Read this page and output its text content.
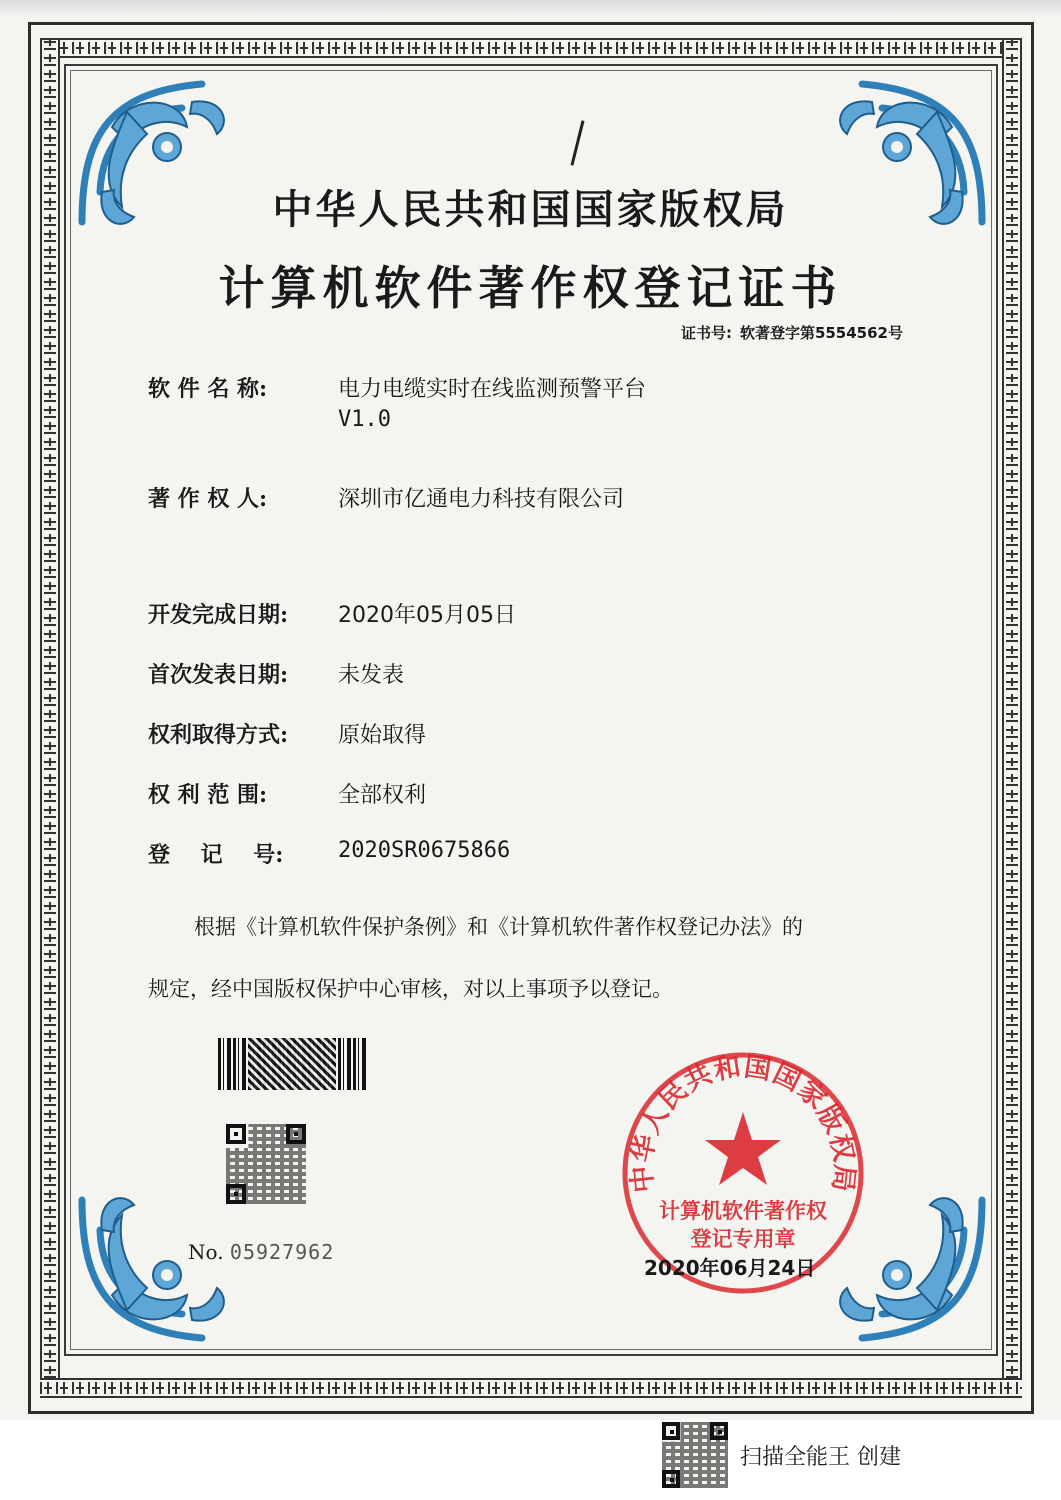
中华人民共和国国家版权局
计算机软件著作权登记证书
证书号: 软著登字第5554562号
软 件 名 称:	电力电缆实时在线监测预警平台
V1.0
著 作 权 人:	深圳市亿通电力科技有限公司
开发完成日期:	2020年05月05日
首次发表日期:	未发表
权利取得方式:	原始取得
权 利 范 围:	全部权利
登    记    号:	2020SR0675866
根据《计算机软件保护条例》和《计算机软件著作权登记办法》的
规定，经中国版权保护中心审核，对以上事项予以登记。
No. 05927962
中华人民共和国国家版权局
计算机软件著作权
登记专用章
2020年06月24日
扫描全能王 创建
